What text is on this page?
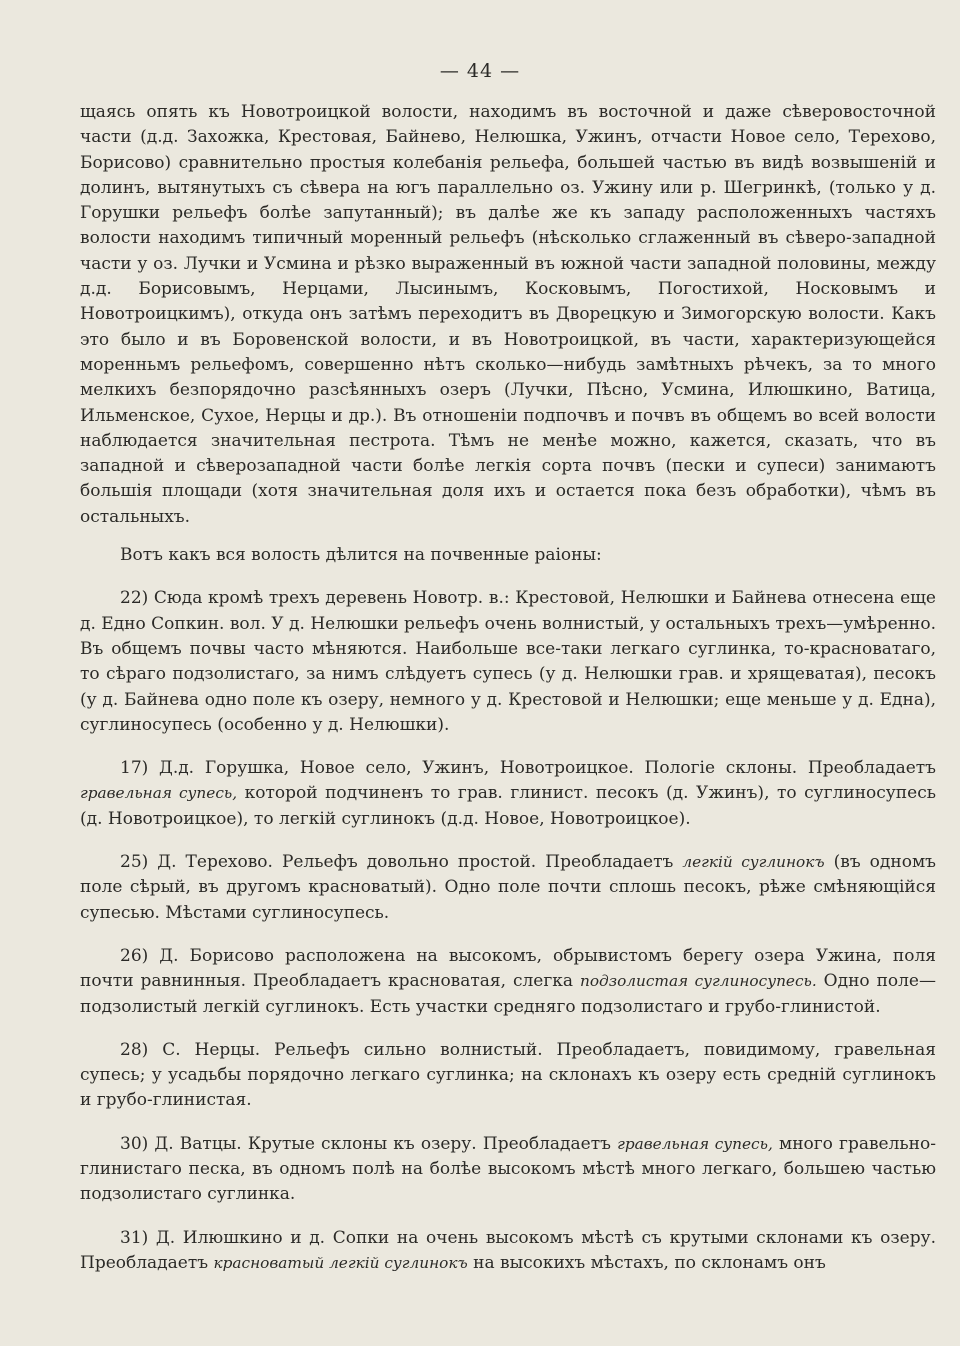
— 44 —

щаясь опять къ Новотроицкой волости, находимъ въ восточной и даже сѣверовосточной части (д.д. Захожка, Крестовая, Байнево, Нелюшка, Ужинъ, отчасти Новое село, Терехово, Борисово) сравнительно простыя колебанія рельефа, большей частью въ видѣ возвышеній и долинъ, вытянутыхъ съ сѣвера на югъ параллельно оз. Ужину или р. Шегринкѣ, (только у д. Горушки рельефъ болѣе запутанный); въ далѣе же къ западу расположенныхъ частяхъ волости находимъ типичный моренный рельефъ (нѣсколько сглаженный въ сѣверо-западной части у оз. Лучки и Усмина и рѣзко выраженный въ южной части западной половины, между д.д. Борисовымъ, Нерцами, Лысинымъ, Косковымъ, Погостихой, Носковымъ и Новотроицкимъ), откуда онъ затѣмъ переходитъ въ Дворецкую и Зимогорскую волости. Какъ это было и въ Боровенской волости, и въ Новотроицкой, въ части, характеризующейся моренньмъ рельефомъ, совершенно нѣтъ сколько—нибудь замѣтныхъ рѣчекъ, за то много мелкихъ безпорядочно разсѣянныхъ озеръ (Лучки, Пѣсно, Усмина, Илюшкино, Ватица, Ильменское, Сухое, Нерцы и др.). Въ отношеніи подпочвъ и почвъ въ общемъ во всей волости наблюдается значительная пестрота. Тѣмъ не менѣе можно, кажется, сказать, что въ западной и сѣверозападной части болѣе легкія сорта почвъ (пески и супеси) занимаютъ большія площади (хотя значительная доля ихъ и остается пока безъ обработки), чѣмъ въ остальныхъ.

Вотъ какъ вся волость дѣлится на почвенные раіоны:

22) Сюда кромѣ трехъ деревень Новотр. в.: Крестовой, Нелюшки и Байнева отнесена еще д. Едно Сопкин. вол. У д. Нелюшки рельефъ очень волнистый, у остальныхъ трехъ—умѣренно. Въ общемъ почвы часто мѣняются. Наибольше все-таки легкаго суглинка, то-красноватаго, то сѣраго подзолистаго, за нимъ слѣдуетъ супесь (у д. Нелюшки грав. и хрящеватая), песокъ (у д. Байнева одно поле къ озеру, немного у д. Крестовой и Нелюшки; еще меньше у д. Една), суглиносупесь (особенно у д. Нелюшки).

17) Д.д. Горушка, Новое село, Ужинъ, Новотроицкое. Пологіе склоны. Преобладаетъ гравельная супесь, которой подчиненъ то грав. глинист. песокъ (д. Ужинъ), то суглиносупесь (д. Новотроицкое), то легкій суглинокъ (д.д. Новое, Новотроицкое).

25) Д. Терехово. Рельефъ довольно простой. Преобладаетъ легкій суглинокъ (въ одномъ поле сѣрый, въ другомъ красноватый). Одно поле почти сплошь песокъ, рѣже смѣняющійся супесью. Мѣстами суглиносупесь.

26) Д. Борисово расположена на высокомъ, обрывистомъ берегу озера Ужина, поля почти равнинныя. Преобладаетъ красноватая, слегка подзолистая суглиносупесь. Одно поле— подзолистый легкій суглинокъ. Есть участки средняго подзолистаго и грубо-глинистой.

28) С. Нерцы. Рельефъ сильно волнистый. Преобладаетъ, повидимому, гравельная супесь; у усадьбы порядочно легкаго суглинка; на склонахъ къ озеру есть средній суглинокъ и грубо-глинистая.

30) Д. Ватцы. Крутые склоны къ озеру. Преобладаетъ гравельная супесь, много гравельно-глинистаго песка, въ одномъ полѣ на болѣе высокомъ мѣстѣ много легкаго, большею частью подзолистаго суглинка.

31) Д. Илюшкино и д. Сопки на очень высокомъ мѣстѣ съ крутыми склонами къ озеру. Преобладаетъ красноватый легкій суглинокъ на высокихъ мѣстахъ, по склонамъ онъ
